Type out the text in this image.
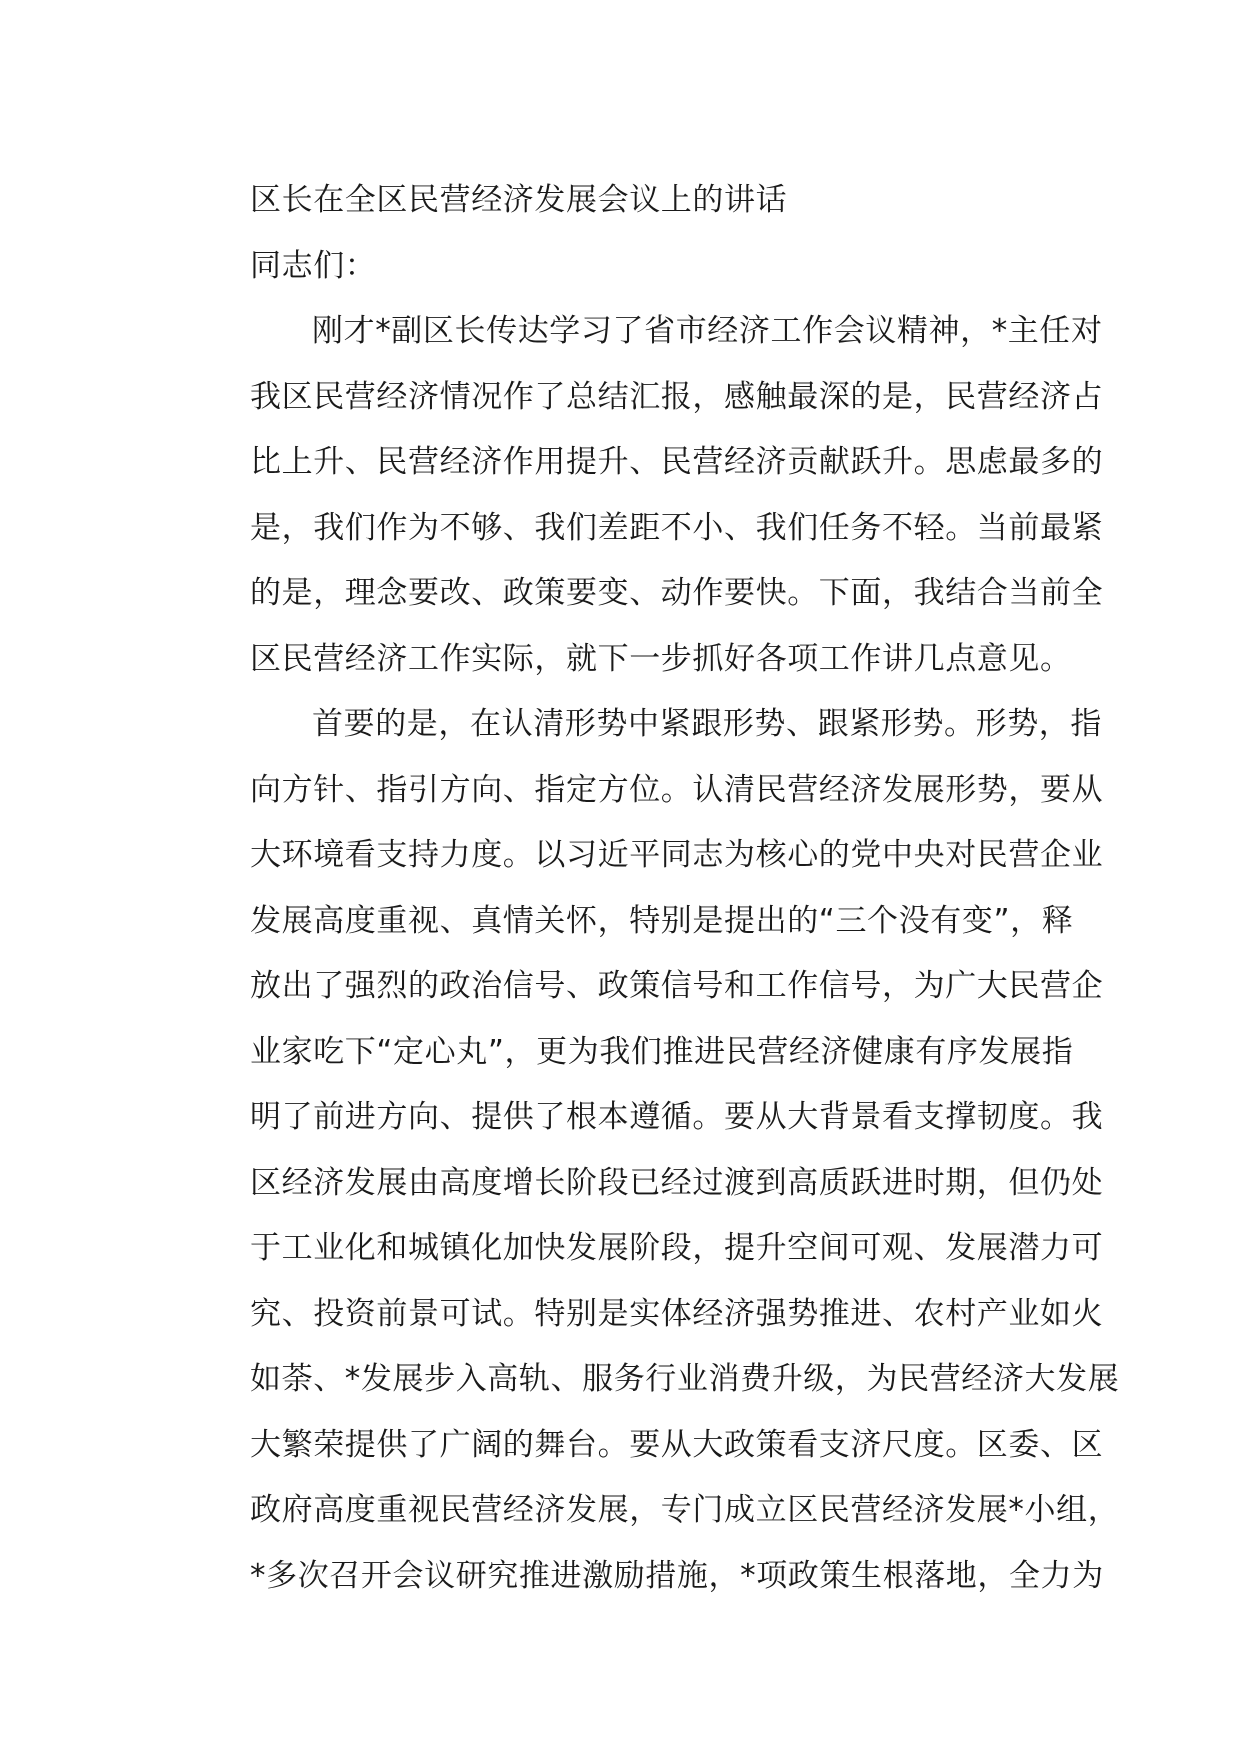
区长在全区民营经济发展会议上的讲话

同志们：

刚才*副区长传达学习了省市经济工作会议精神，*主任对
我区民营经济情况作了总结汇报，感触最深的是，民营经济占
比上升、民营经济作用提升、民营经济贡献跃升。思虑最多的
是，我们作为不够、我们差距不小、我们任务不轻。当前最紧
的是，理念要改、政策要变、动作要快。下面，我结合当前全
区民营经济工作实际，就下一步抓好各项工作讲几点意见。
首要的是，在认清形势中紧跟形势、跟紧形势。形势，指
向方针、指引方向、指定方位。认清民营经济发展形势，要从
大环境看支持力度。以习近平同志为核心的党中央对民营企业
发展高度重视、真情关怀，特别是提出的“三个没有变”，释
放出了强烈的政治信号、政策信号和工作信号，为广大民营企
业家吃下“定心丸”，更为我们推进民营经济健康有序发展指
明了前进方向、提供了根本遵循。要从大背景看支撑韧度。我
区经济发展由高度增长阶段已经过渡到高质跃进时期，但仍处
于工业化和城镇化加快发展阶段，提升空间可观、发展潜力可
究、投资前景可试。特别是实体经济强势推进、农村产业如火
如荼、*发展步入高轨、服务行业消费升级，为民营经济大发展
大繁荣提供了广阔的舞台。要从大政策看支济尺度。区委、区
政府高度重视民营经济发展，专门成立区民营经济发展*小组，
*多次召开会议研究推进激励措施，*项政策生根落地，全力为
